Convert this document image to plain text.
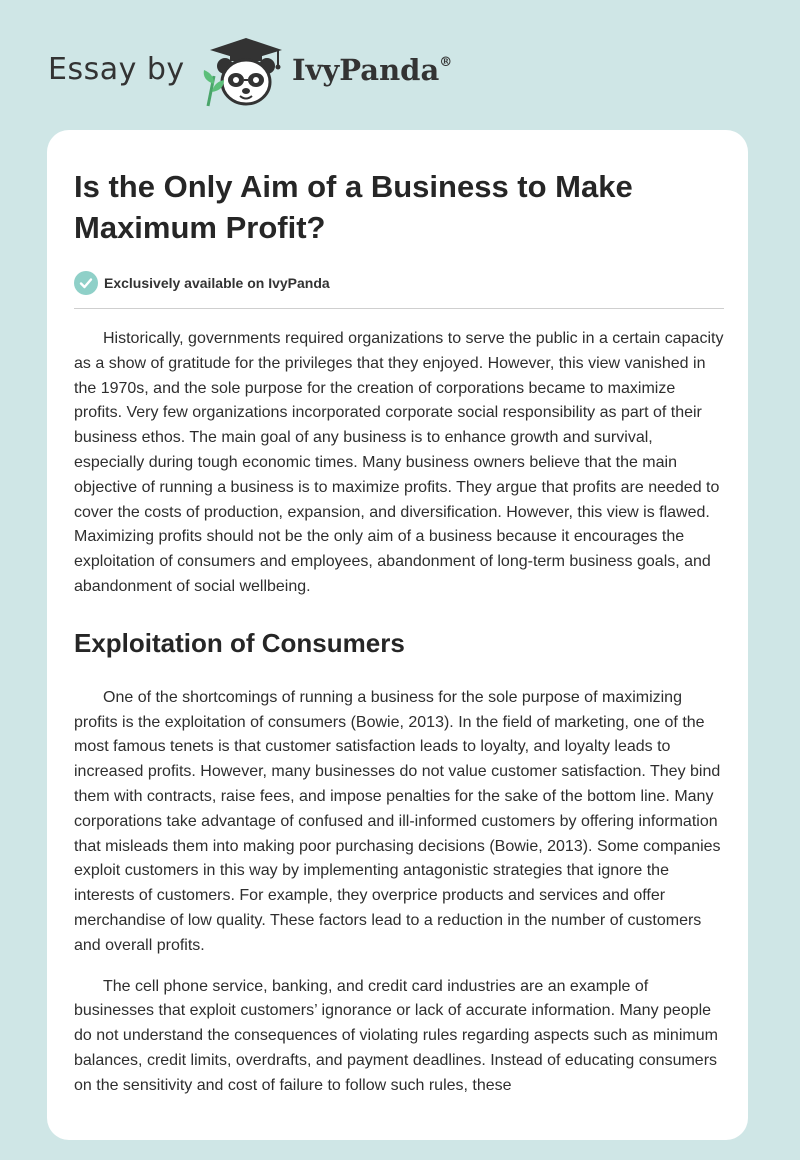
Essay by	IvyPanda®
Is the Only Aim of a Business to Make Maximum Profit?
Exclusively available on IvyPanda

Historically, governments required organizations to serve the public in a certain capacity as a show of gratitude for the privileges that they enjoyed. However, this view vanished in the 1970s, and the sole purpose for the creation of corporations became to maximize profits. Very few organizations incorporated corporate social responsibility as part of their business ethos. The main goal of any business is to enhance growth and survival, especially during tough economic times. Many business owners believe that the main objective of running a business is to maximize profits. They argue that profits are needed to cover the costs of production, expansion, and diversification. However, this view is flawed. Maximizing profits should not be the only aim of a business because it encourages the exploitation of consumers and employees, abandonment of long-term business goals, and abandonment of social wellbeing.

Exploitation of Consumers

One of the shortcomings of running a business for the sole purpose of maximizing profits is the exploitation of consumers (Bowie, 2013). In the field of marketing, one of the most famous tenets is that customer satisfaction leads to loyalty, and loyalty leads to increased profits. However, many businesses do not value customer satisfaction. They bind them with contracts, raise fees, and impose penalties for the sake of the bottom line. Many corporations take advantage of confused and ill-informed customers by offering information that misleads them into making poor purchasing decisions (Bowie, 2013). Some companies exploit customers in this way by implementing antagonistic strategies that ignore the interests of customers. For example, they overprice products and services and offer merchandise of low quality. These factors lead to a reduction in the number of customers and overall profits.

The cell phone service, banking, and credit card industries are an example of businesses that exploit customers’ ignorance or lack of accurate information. Many people do not understand the consequences of violating rules regarding aspects such as minimum balances, credit limits, overdrafts, and payment deadlines. Instead of educating consumers on the sensitivity and cost of failure to follow such rules, these
